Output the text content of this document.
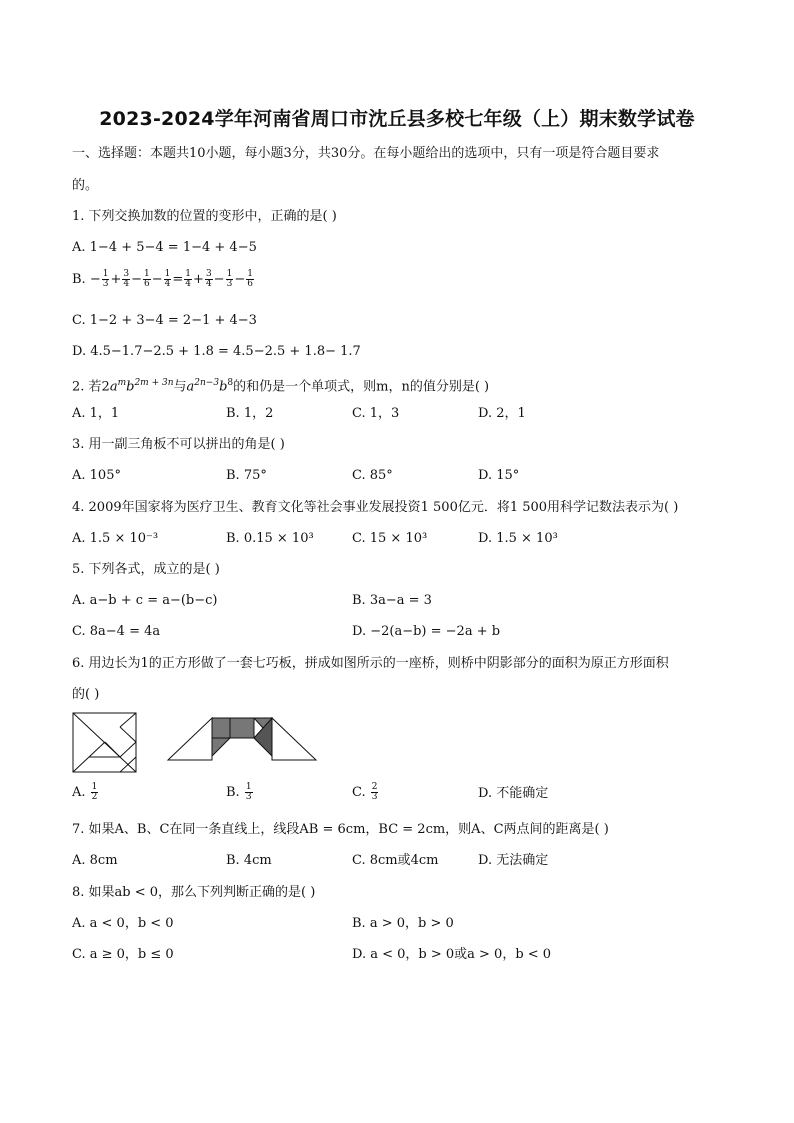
2023-2024学年河南省周口市沈丘县多校七年级（上）期末数学试卷
一、选择题：本题共10小题，每小题3分，共30分。在每小题给出的选项中，只有一项是符合题目要求
的。
1. 下列交换加数的位置的变形中，正确的是( )
A. 1−4 + 5−4 = 1−4 + 4−5
B. − $\frac{1}{3} + \frac{3}{4} - \frac{1}{6} - \frac{1}{4} = \frac{1}{4} + \frac{3}{4} - \frac{1}{3} - \frac{1}{6}$
C. 1−2 + 3−4 = 2−1 + 4−3
D. 4.5−1.7−2.5 + 1.8 = 4.5−2.5 + 1.8− 1.7
2. 若$2a^mb^{2m + 3n}$与$a^{2n-3}b^8$的和仍是一个单项式，则m，n的值分别是( )
A. 1，1	B. 1，2	C. 1，3	D. 2，1
3. 用一副三角板不可以拼出的角是( )
A. 105°	B. 75°	C. 85°	D. 15°
4. 2009年国家将为医疗卫生、教育文化等社会事业发展投资1 500亿元．将1 500用科学记数法表示为( )
A. 1.5 × 10⁻³	B. 0.15 × 10³	C. 15 × 10³	D. 1.5 × 10³
5. 下列各式，成立的是( )
A. a−b + c = a−(b−c)	B. 3a−a = 3
C. 8a−4 = 4a	D. −2(a−b) = −2a + b
6. 用边长为1的正方形做了一套七巧板，拼成如图所示的一座桥，则桥中阴影部分的面积为原正方形面积
的( )
A. $\frac{1}{2}$	B. $\frac{1}{3}$	C. $\frac{2}{3}$	D. 不能确定
7. 如果A、B、C在同一条直线上，线段AB = 6cm，BC = 2cm，则A、C两点间的距离是( )
A. 8cm	B. 4cm	C. 8cm或4cm	D. 无法确定
8. 如果ab < 0，那么下列判断正确的是( )
A. a < 0，b < 0	B. a > 0，b > 0
C. a ≥ 0，b ≤ 0	D. a < 0，b > 0或a > 0，b < 0
